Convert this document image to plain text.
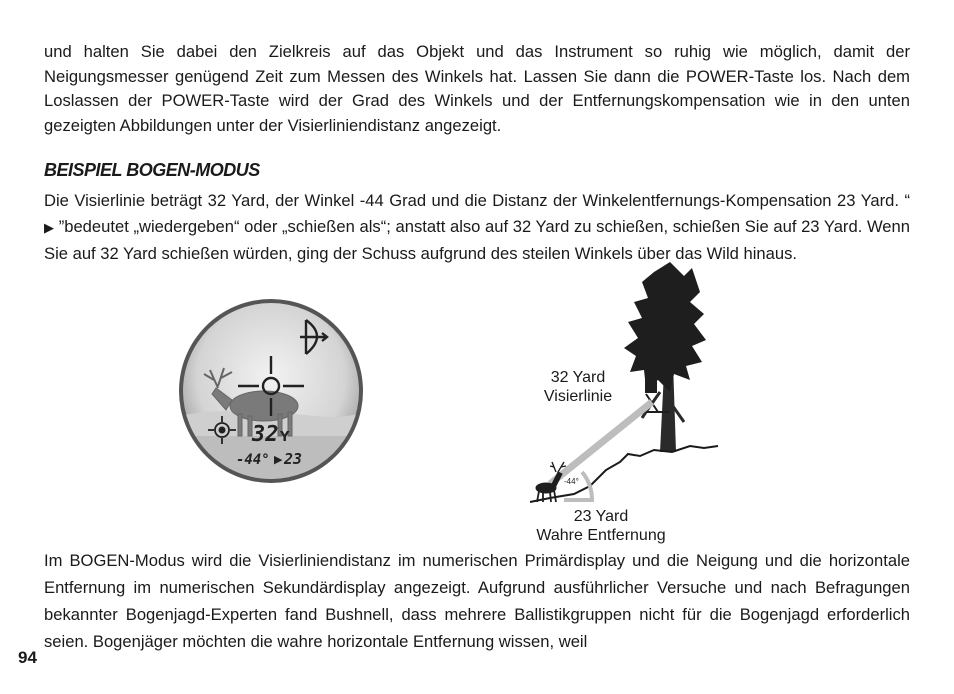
und halten Sie dabei den Zielkreis auf das Objekt und das Instrument so ruhig wie möglich, damit der Neigungsmesser genügend Zeit zum Messen des Winkels hat. Lassen Sie dann die POWER-Taste los. Nach dem Loslassen der POWER-Taste wird der Grad des Winkels und der Entfernungskompensation wie in den unten gezeigten Abbildungen unter der Visierliniendistanz angezeigt.

BEISPIEL BOGEN-MODUS

Die Visierlinie beträgt 32 Yard, der Winkel -44 Grad und die Distanz der Winkelentfernungs-Kompensation 23 Yard. “ ▶ ”bedeutet „wiedergeben“ oder „schießen als“; anstatt also auf 32 Yard zu schießen, schießen Sie auf 23 Yard. Wenn Sie auf 32 Yard schießen würden, ging der Schuss aufgrund des steilen Winkels über das Wild hinaus.

32 Y
-44° ▶ 23
-44°
32 Yard
Visierlinie
23 Yard
Wahre Entfernung

Im BOGEN-Modus wird die Visierliniendistanz im numerischen Primärdisplay und die Neigung und die horizontale Entfernung im numerischen Sekundärdisplay angezeigt. Aufgrund ausführlicher Versuche und nach Befragungen bekannter Bogenjagd-Experten fand Bushnell, dass mehrere Ballistikgruppen nicht für die Bogenjagd erforderlich seien. Bogenjäger möchten die wahre horizontale Entfernung wissen, weil

94
